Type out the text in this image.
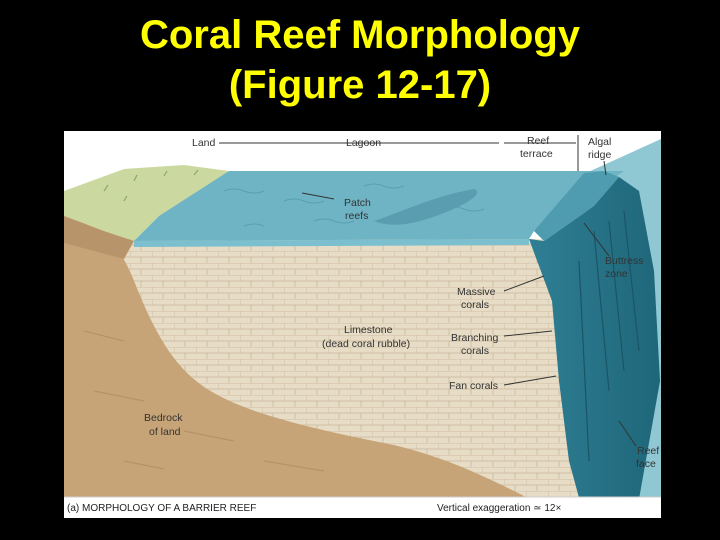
Coral Reef Morphology
(Figure 12-17)
Land	Lagoon	Reef
terrace
Algal
ridge
Patch
reefs
Buttress
zone
Massive
corals
Limestone
(dead coral rubble)	Branching
corals
Fan corals
Bedrock
of land
Reef
face
(a) MORPHOLOGY OF A BARRIER REEF	Vertical exaggeration ≃ 12×
